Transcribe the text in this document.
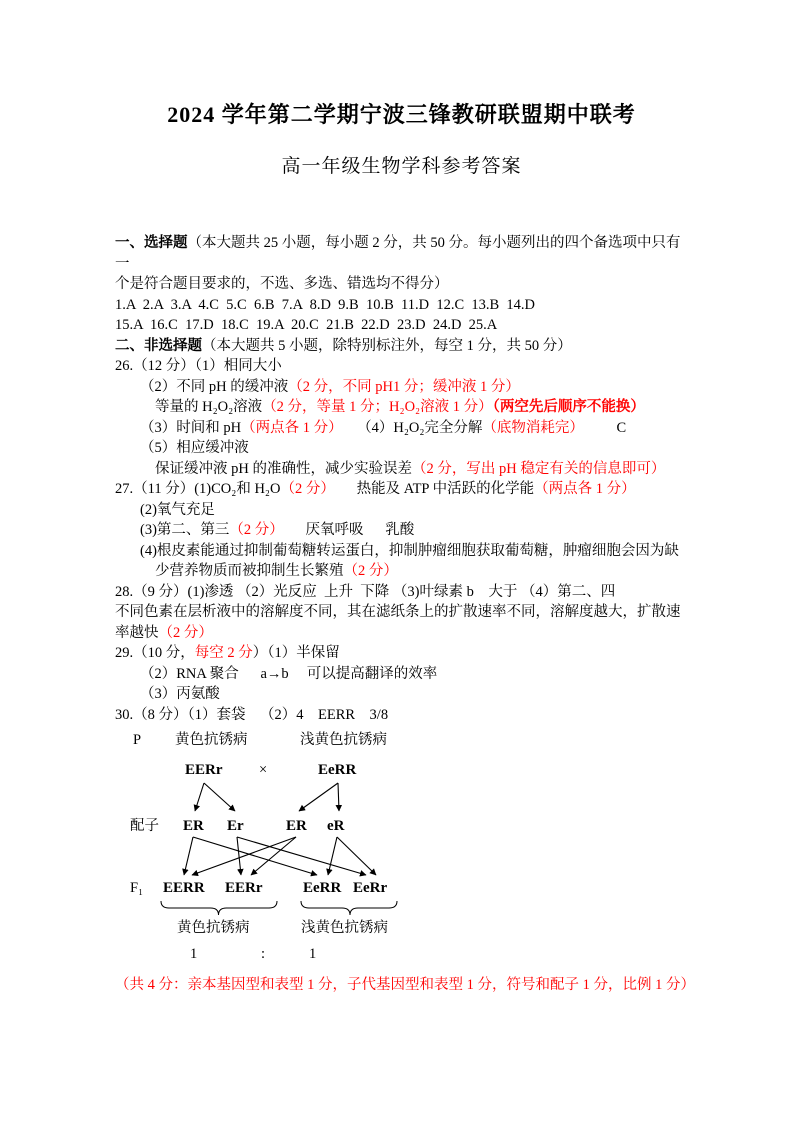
2024 学年第二学期宁波三锋教研联盟期中联考
高一年级生物学科参考答案

一、选择题（本大题共 25 小题，每小题 2 分，共 50 分。每小题列出的四个备选项中只有 一

个是符合题目要求的，不选、多选、错选均不得分）

1.A  2.A  3.A  4.C  5.C  6.B  7.A  8.D  9.B  10.B  11.D  12.C  13.B  14.D

15.A  16.C  17.D  18.C  19.A  20.C  21.B  22.D  23.D  24.D  25.A

二、非选择题（本大题共 5 小题，除特别标注外，每空 1 分，共 50 分）

26.（12 分）（1）相同大小

（2）不同 pH 的缓冲液（2 分，不同 pH1 分；缓冲液 1 分）

等量的 H₂O₂溶液（2 分，等量 1 分；H₂O₂溶液 1 分）（两空先后顺序不能换）

（3）时间和 pH（两点各 1 分）    （4）H₂O₂完全分解（底物消耗完）         C

（5）相应缓冲液

保证缓冲液 pH 的准确性，减少实验误差（2 分，写出 pH 稳定有关的信息即可）

27.（11 分）(1)CO₂和 H₂O（2 分）      热能及 ATP 中活跃的化学能（两点各 1 分）

(2)氧气充足

(3)第二、第三（2 分）      厌氧呼吸      乳酸

(4)根皮素能通过抑制葡萄糖转运蛋白，抑制肿瘤细胞获取葡萄糖，肿瘤细胞会因为缺

少营养物质而被抑制生长繁殖（2 分）

28.（9 分）(1)渗透 （2）光反应  上升  下降 （3)叶绿素 b    大于 （4）第二、四

不同色素在层析液中的溶解度不同，其在滤纸条上的扩散速率不同，溶解度越大，扩散速

率越快（2 分）

29.（10 分，每空 2 分）（1）半保留

（2）RNA 聚合      a→b     可以提高翻译的效率

（3）丙氨酸

30.（8 分）（1）套袋    （2）4    EERR    3/8

P 黄色抗锈病	浅黄色抗锈病
EERr	×	EeRR
配子 ER Er	ER eR
F₁ EERR EERr	EeRR EeRr
黄色抗锈病	浅黄色抗锈病
1	:	1

（共 4 分：亲本基因型和表型 1 分，子代基因型和表型 1 分，符号和配子 1 分，比例 1 分）
